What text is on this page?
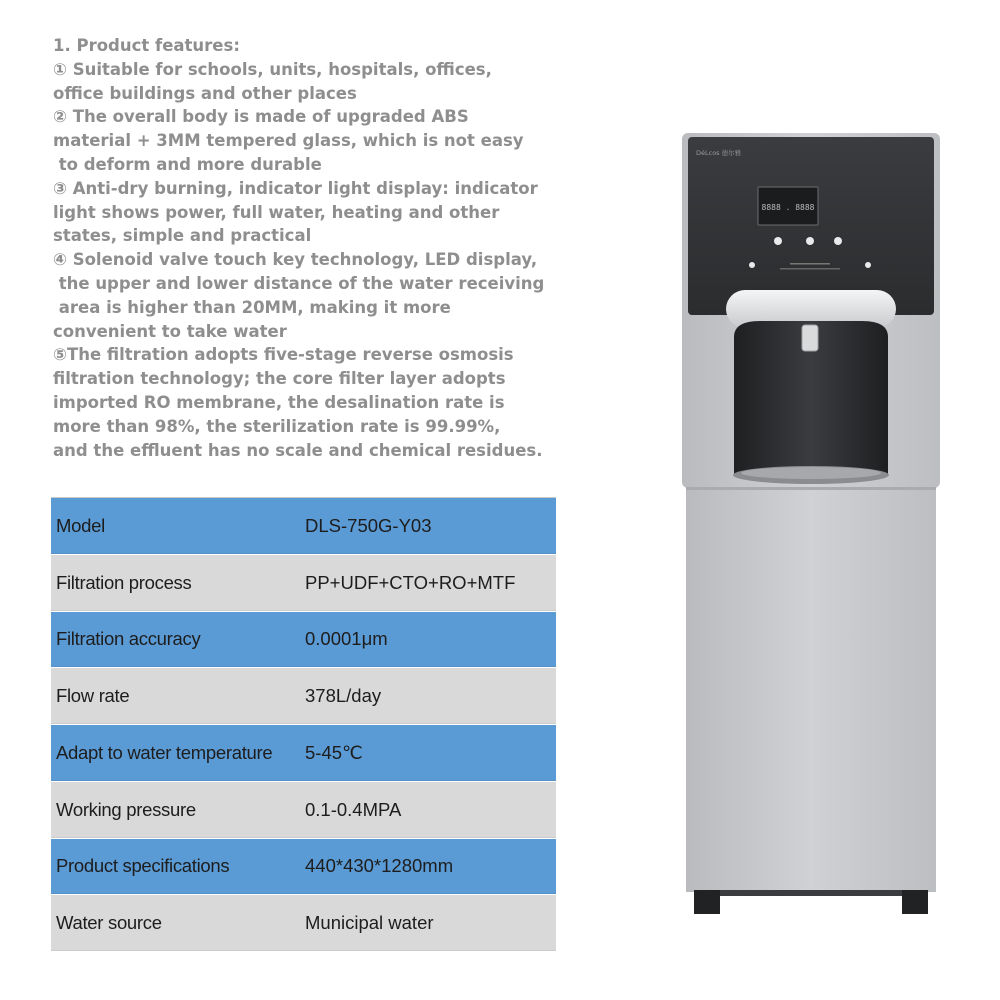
1. Product features:
① Suitable for schools, units, hospitals, offices,
office buildings and other places
② The overall body is made of upgraded ABS
material + 3MM tempered glass, which is not easy
to deform and more durable
③ Anti-dry burning, indicator light display: indicator
light shows power, full water, heating and other
states, simple and practical
④ Solenoid valve touch key technology, LED display,
the upper and lower distance of the water receiving
area is higher than 20MM, making it more
convenient to take water
⑤The filtration adopts five-stage reverse osmosis
filtration technology; the core filter layer adopts
imported RO membrane, the desalination rate is
more than 98%, the sterilization rate is 99.99%,
and the effluent has no scale and chemical residues.
Model	DLS-750G-Y03
Filtration process	PP+UDF+CTO+RO+MTF
Filtration accuracy	0.0001μm
Flow rate	378L/day
Adapt to water temperature	5-45℃
Working pressure	0.1-0.4MPA
Product specifications	440*430*1280mm
Water source	Municipal water
DéLcos 德尔雅
8888 . 8888
